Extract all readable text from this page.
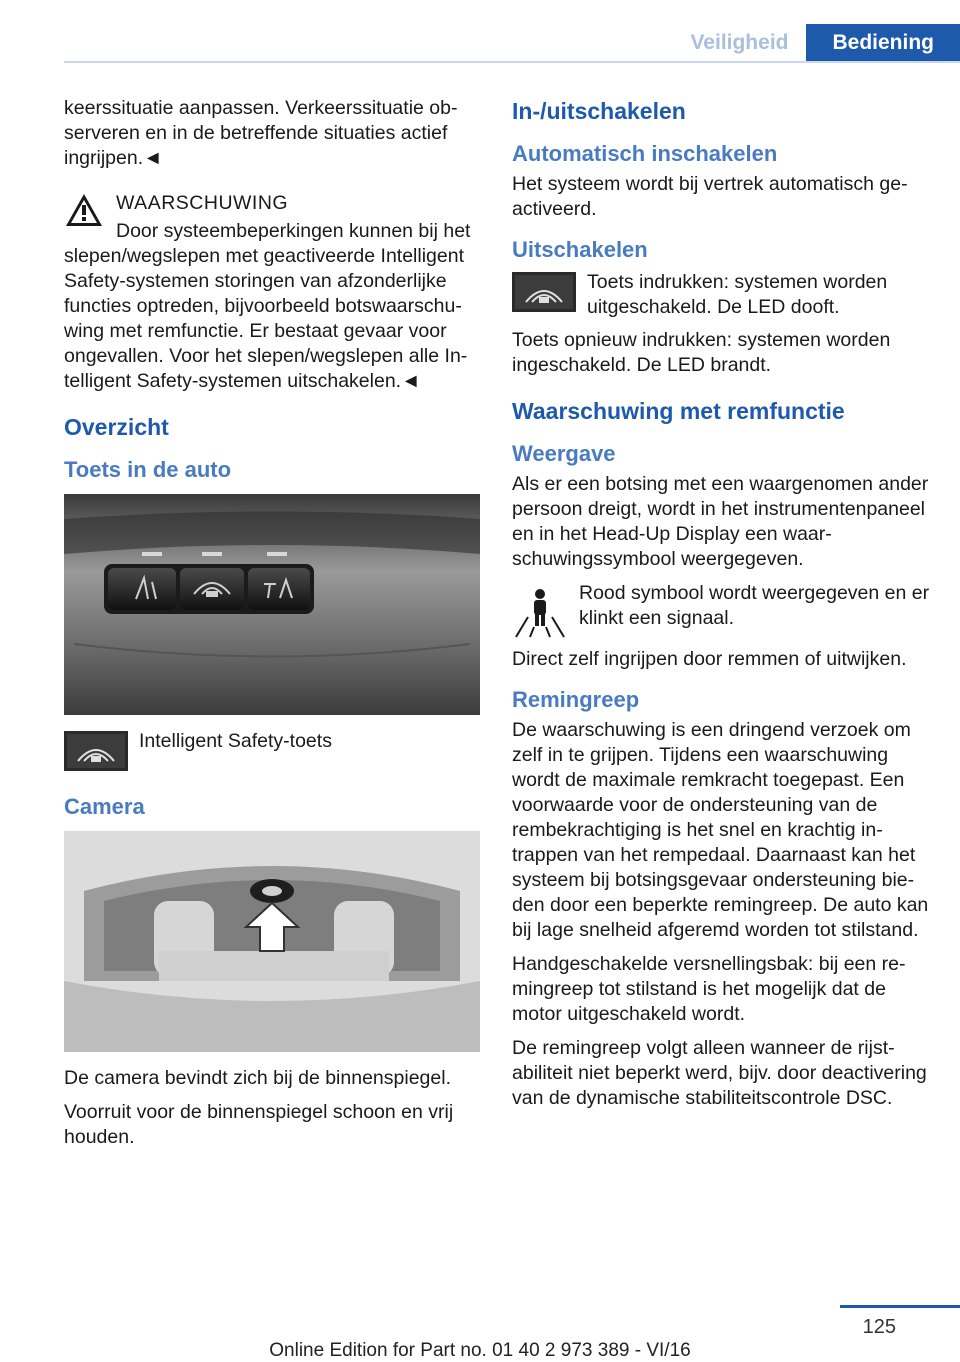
Veiligheid	Bediening

keerssituatie aanpassen. Verkeerssituatie observeren en in de betreffende situaties actief ingrijpen.◄

WAARSCHUWING

Door systeembeperkingen kunnen bij het slepen/wegslepen met geactiveerde Intelligent Safety-systemen storingen van afzonderlijke functies optreden, bijvoorbeeld botswaarschuwing met remfunctie. Er bestaat gevaar voor ongevallen. Voor het slepen/wegslepen alle Intelligent Safety-systemen uitschakelen.◄

Overzicht
Toets in de auto
Intelligent Safety-toets
Camera

De camera bevindt zich bij de binnenspiegel.

Voorruit voor de binnenspiegel schoon en vrij houden.

In-/uitschakelen
Automatisch inschakelen

Het systeem wordt bij vertrek automatisch geactiveerd.

Uitschakelen
Toets indrukken: systemen worden uitgeschakeld. De LED dooft.

Toets opnieuw indrukken: systemen worden ingeschakeld. De LED brandt.

Waarschuwing met remfunctie
Weergave

Als er een botsing met een waargenomen ander persoon dreigt, wordt in het instrumentenpaneel en in het Head-Up Display een waarschuwingssymbool weergegeven.

Rood symbool wordt weergegeven en er klinkt een signaal.

Direct zelf ingrijpen door remmen of uitwijken.

Remingreep

De waarschuwing is een dringend verzoek om zelf in te grijpen. Tijdens een waarschuwing wordt de maximale remkracht toegepast. Een voorwaarde voor de ondersteuning van de rembekrachtiging is het snel en krachtig intrappen van het rempedaal. Daarnaast kan het systeem bij botsingsgevaar ondersteuning bieden door een beperkte remingreep. De auto kan bij lage snelheid afgeremd worden tot stilstand.

Handgeschakelde versnellingsbak: bij een remingreep tot stilstand is het mogelijk dat de motor uitgeschakeld wordt.

De remingreep volgt alleen wanneer de rijstabiliteit niet beperkt werd, bijv. door deactivering van de dynamische stabiliteitscontrole DSC.

125
Online Edition for Part no. 01 40 2 973 389 - VI/16
